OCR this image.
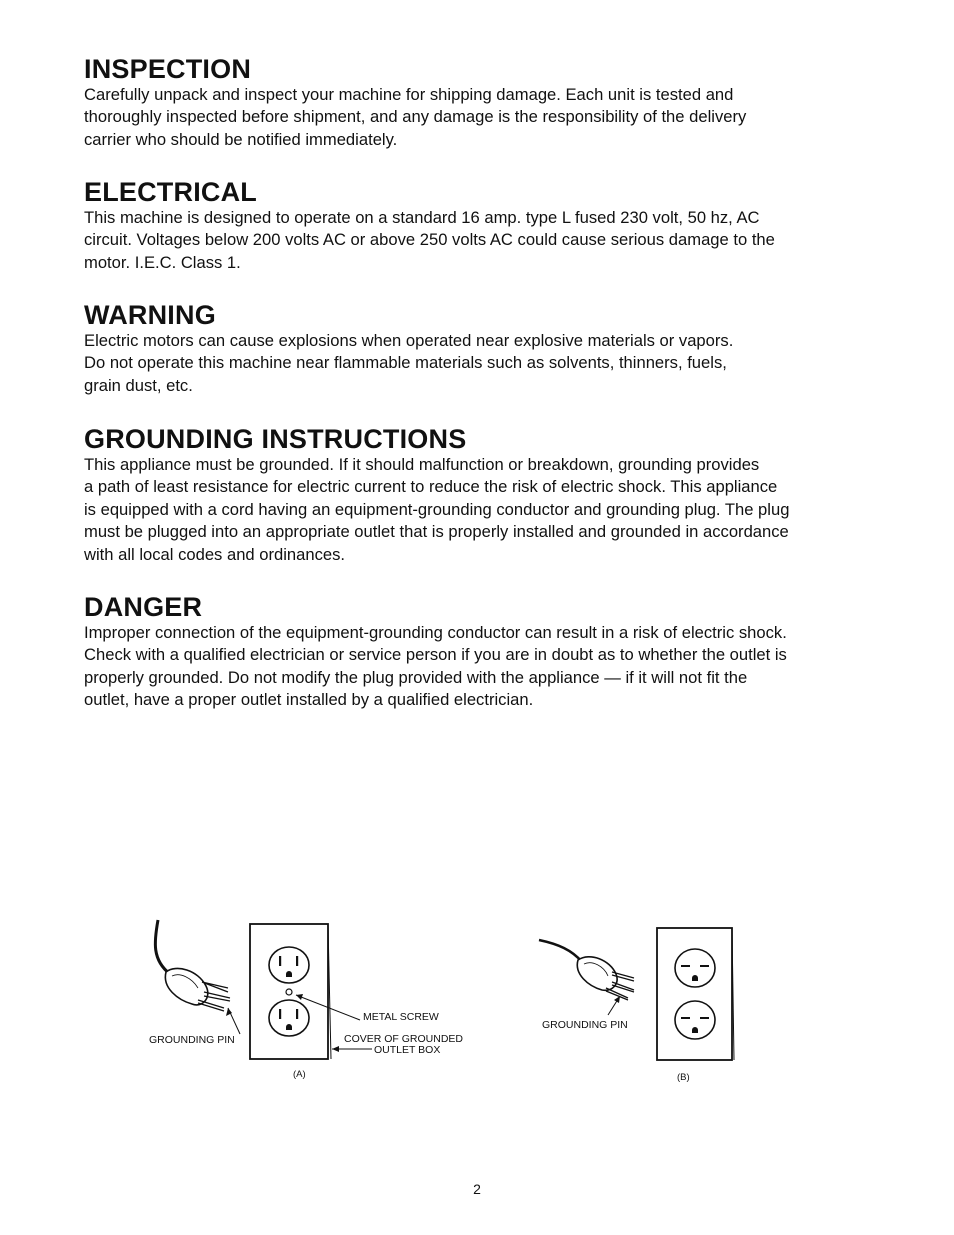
INSPECTION
Carefully unpack and inspect your machine for shipping damage. Each unit is tested and
thoroughly inspected before shipment, and any damage is the responsibility of the delivery
carrier who should be notified immediately.
ELECTRICAL
This machine is designed to operate on a standard 16 amp. type L fused 230 volt, 50 hz, AC
circuit. Voltages below 200 volts AC or above 250 volts AC could cause serious damage to the
motor. I.E.C. Class 1.
WARNING
Electric motors can cause explosions when operated near explosive materials or vapors.
Do not operate this machine near flammable materials such as solvents, thinners, fuels,
grain dust, etc.
GROUNDING INSTRUCTIONS
This appliance must be grounded. If it should malfunction or breakdown, grounding provides
a path of least resistance for electric current to reduce the risk of electric shock. This appliance
is equipped with a cord having an equipment-grounding conductor and grounding plug. The plug
must be plugged into an appropriate outlet that is properly installed and grounded in accordance
with all local codes and ordinances.
DANGER
Improper connection of the equipment-grounding conductor can result in a risk of electric shock.
Check with a qualified electrician or service person if you are in doubt as to whether the outlet is
properly grounded. Do not modify the plug provided with the appliance — if it will not fit the
outlet, have a proper outlet installed by a qualified electrician.
GROUNDING PIN
METAL SCREW
COVER OF GROUNDED
OUTLET BOX
(A)
GROUNDING PIN
(B)
2
